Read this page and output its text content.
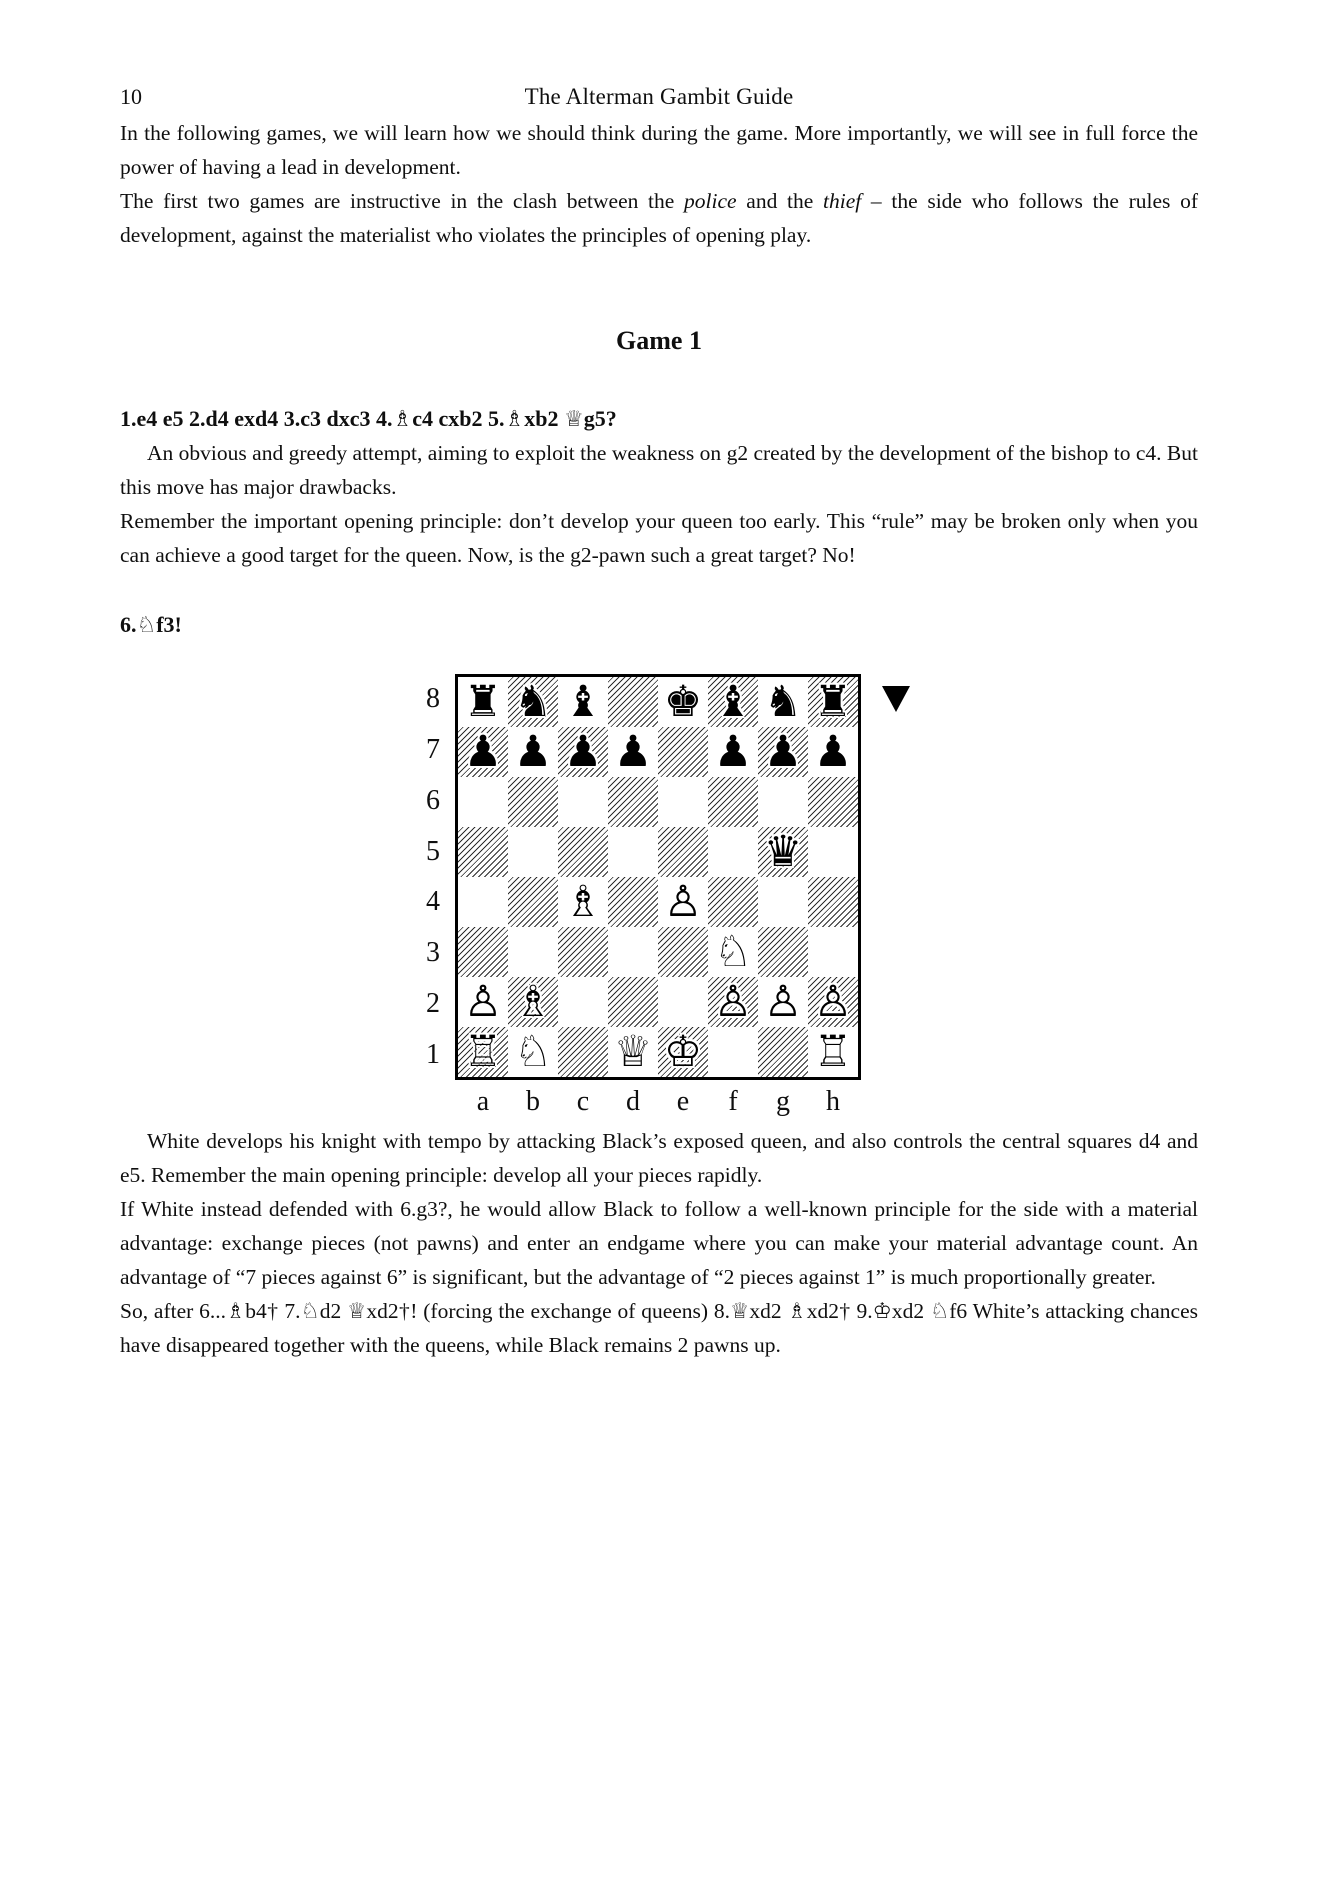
10	The Alterman Gambit Guide

In the following games, we will learn how we should think during the game. More importantly, we will see in full force the power of having a lead in development.

The first two games are instructive in the clash between the police and the thief – the side who follows the rules of development, against the materialist who violates the principles of opening play.

Game 1

1.e4 e5 2.d4 exd4 3.c3 dxc3 4.♗c4 cxb2 5.♗xb2 ♕g5?

An obvious and greedy attempt, aiming to exploit the weakness on g2 created by the development of the bishop to c4. But this move has major drawbacks.

Remember the important opening principle: don’t develop your queen too early. This “rule” may be broken only when you can achieve a good target for the queen. Now, is the g2-pawn such a great target? No!

6.♘f3!

8
7
6
5
4
3
2
1
♜ ♞ ♝ ♚ ♝ ♞ ♜
♟ ♟ ♟ ♟ ♟ ♟ ♟
♛
♗ ♙
♘
♙ ♗	♙ ♙ ♙
♖ ♘ ♕ ♔	♖
a	b	c	d	e	f	g	h

White develops his knight with tempo by attacking Black’s exposed queen, and also controls the central squares d4 and e5. Remember the main opening principle: develop all your pieces rapidly.

If White instead defended with 6.g3?, he would allow Black to follow a well-known principle for the side with a material advantage: exchange pieces (not pawns) and enter an endgame where you can make your material advantage count. An advantage of “7 pieces against 6” is significant, but the advantage of “2 pieces against 1” is much proportionally greater.

So, after 6...♗b4† 7.♘d2 ♕xd2†! (forcing the exchange of queens) 8.♕xd2 ♗xd2† 9.♔xd2 ♘f6 White’s attacking chances have disappeared together with the queens, while Black remains 2 pawns up.
